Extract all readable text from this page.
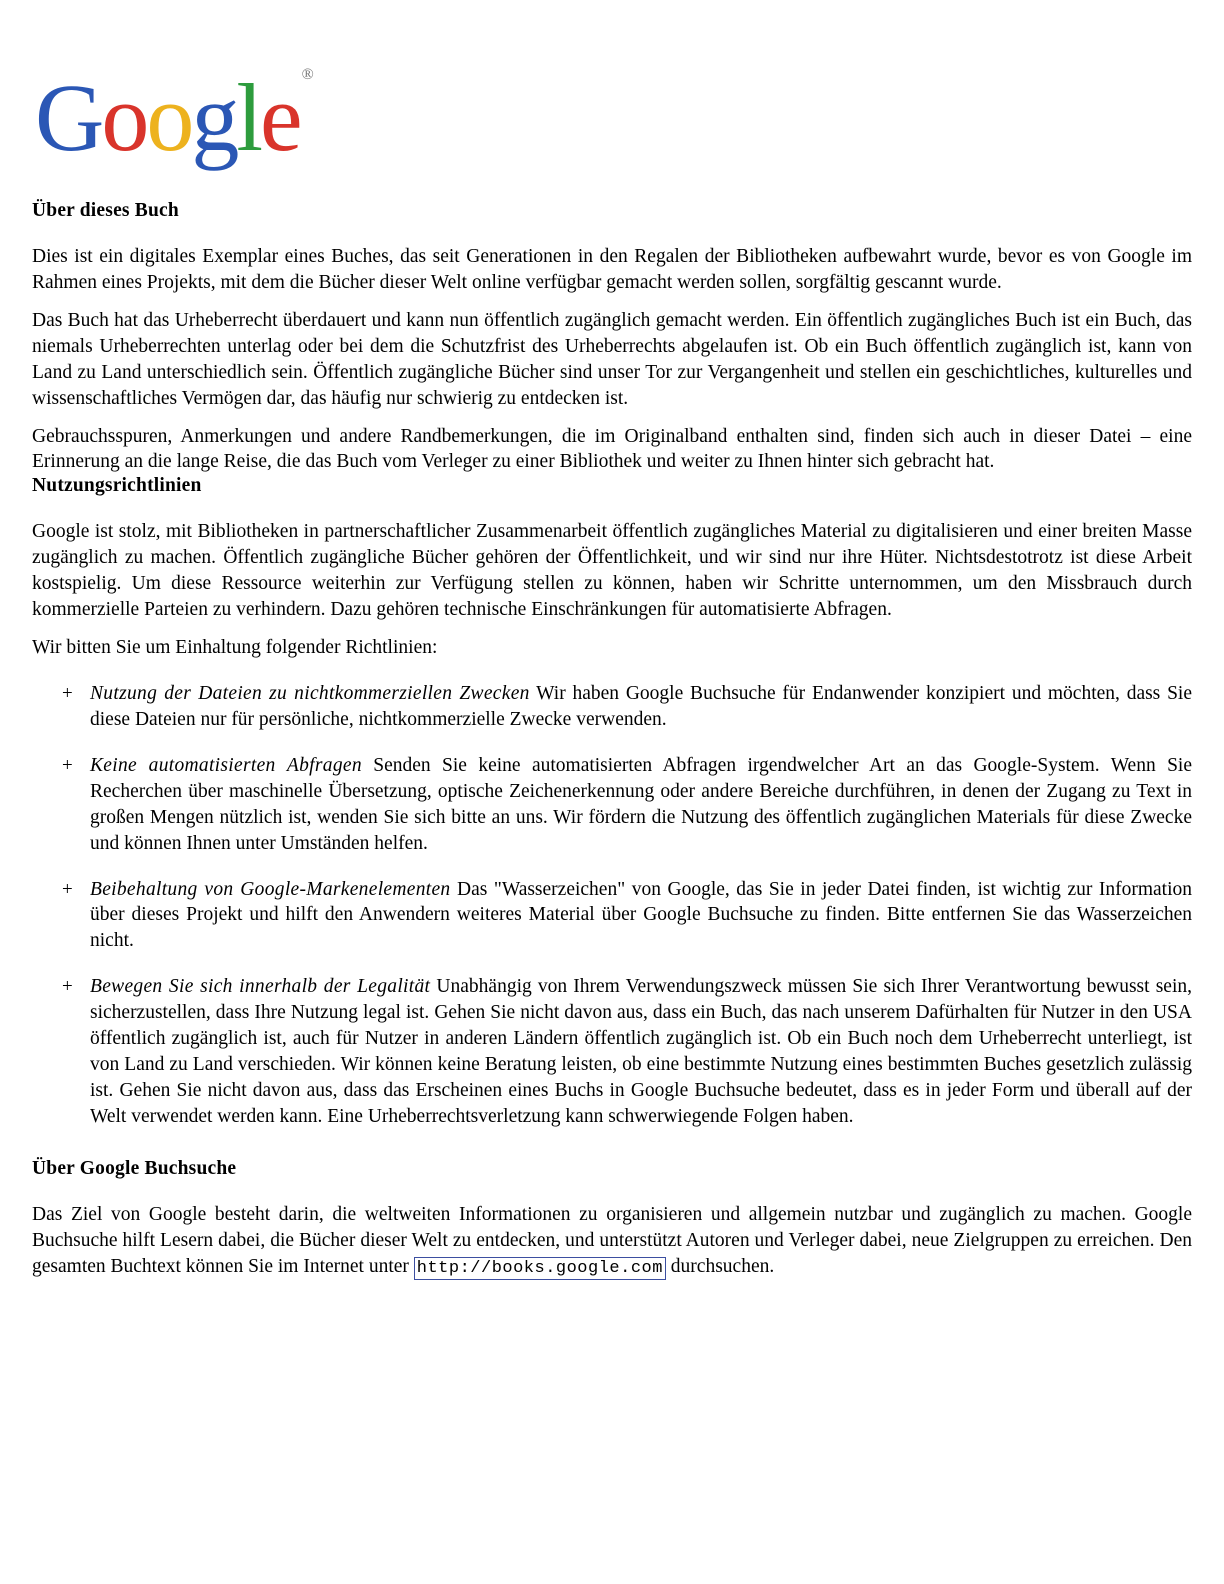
Google ®
Über dieses Buch

Dies ist ein digitales Exemplar eines Buches, das seit Generationen in den Regalen der Bibliotheken aufbewahrt wurde, bevor es von Google im Rahmen eines Projekts, mit dem die Bücher dieser Welt online verfügbar gemacht werden sollen, sorgfältig gescannt wurde.

Das Buch hat das Urheberrecht überdauert und kann nun öffentlich zugänglich gemacht werden. Ein öffentlich zugängliches Buch ist ein Buch, das niemals Urheberrechten unterlag oder bei dem die Schutzfrist des Urheberrechts abgelaufen ist. Ob ein Buch öffentlich zugänglich ist, kann von Land zu Land unterschiedlich sein. Öffentlich zugängliche Bücher sind unser Tor zur Vergangenheit und stellen ein geschichtliches, kulturelles und wissenschaftliches Vermögen dar, das häufig nur schwierig zu entdecken ist.

Gebrauchsspuren, Anmerkungen und andere Randbemerkungen, die im Originalband enthalten sind, finden sich auch in dieser Datei – eine Erinnerung an die lange Reise, die das Buch vom Verleger zu einer Bibliothek und weiter zu Ihnen hinter sich gebracht hat.

Nutzungsrichtlinien

Google ist stolz, mit Bibliotheken in partnerschaftlicher Zusammenarbeit öffentlich zugängliches Material zu digitalisieren und einer breiten Masse zugänglich zu machen. Öffentlich zugängliche Bücher gehören der Öffentlichkeit, und wir sind nur ihre Hüter. Nichtsdestotrotz ist diese Arbeit kostspielig. Um diese Ressource weiterhin zur Verfügung stellen zu können, haben wir Schritte unternommen, um den Missbrauch durch kommerzielle Parteien zu verhindern. Dazu gehören technische Einschränkungen für automatisierte Abfragen.

Wir bitten Sie um Einhaltung folgender Richtlinien:

+ Nutzung der Dateien zu nichtkommerziellen Zwecken Wir haben Google Buchsuche für Endanwender konzipiert und möchten, dass Sie diese Dateien nur für persönliche, nichtkommerzielle Zwecke verwenden.
+ Keine automatisierten Abfragen Senden Sie keine automatisierten Abfragen irgendwelcher Art an das Google-System. Wenn Sie Recherchen über maschinelle Übersetzung, optische Zeichenerkennung oder andere Bereiche durchführen, in denen der Zugang zu Text in großen Mengen nützlich ist, wenden Sie sich bitte an uns. Wir fördern die Nutzung des öffentlich zugänglichen Materials für diese Zwecke und können Ihnen unter Umständen helfen.
+ Beibehaltung von Google-Markenelementen Das "Wasserzeichen" von Google, das Sie in jeder Datei finden, ist wichtig zur Information über dieses Projekt und hilft den Anwendern weiteres Material über Google Buchsuche zu finden. Bitte entfernen Sie das Wasserzeichen nicht.
+ Bewegen Sie sich innerhalb der Legalität Unabhängig von Ihrem Verwendungszweck müssen Sie sich Ihrer Verantwortung bewusst sein, sicherzustellen, dass Ihre Nutzung legal ist. Gehen Sie nicht davon aus, dass ein Buch, das nach unserem Dafürhalten für Nutzer in den USA öffentlich zugänglich ist, auch für Nutzer in anderen Ländern öffentlich zugänglich ist. Ob ein Buch noch dem Urheberrecht unterliegt, ist von Land zu Land verschieden. Wir können keine Beratung leisten, ob eine bestimmte Nutzung eines bestimmten Buches gesetzlich zulässig ist. Gehen Sie nicht davon aus, dass das Erscheinen eines Buchs in Google Buchsuche bedeutet, dass es in jeder Form und überall auf der Welt verwendet werden kann. Eine Urheberrechtsverletzung kann schwerwiegende Folgen haben.
Über Google Buchsuche

Das Ziel von Google besteht darin, die weltweiten Informationen zu organisieren und allgemein nutzbar und zugänglich zu machen. Google Buchsuche hilft Lesern dabei, die Bücher dieser Welt zu entdecken, und unterstützt Autoren und Verleger dabei, neue Zielgruppen zu erreichen. Den gesamten Buchtext können Sie im Internet unter http://books.google.com durchsuchen.
